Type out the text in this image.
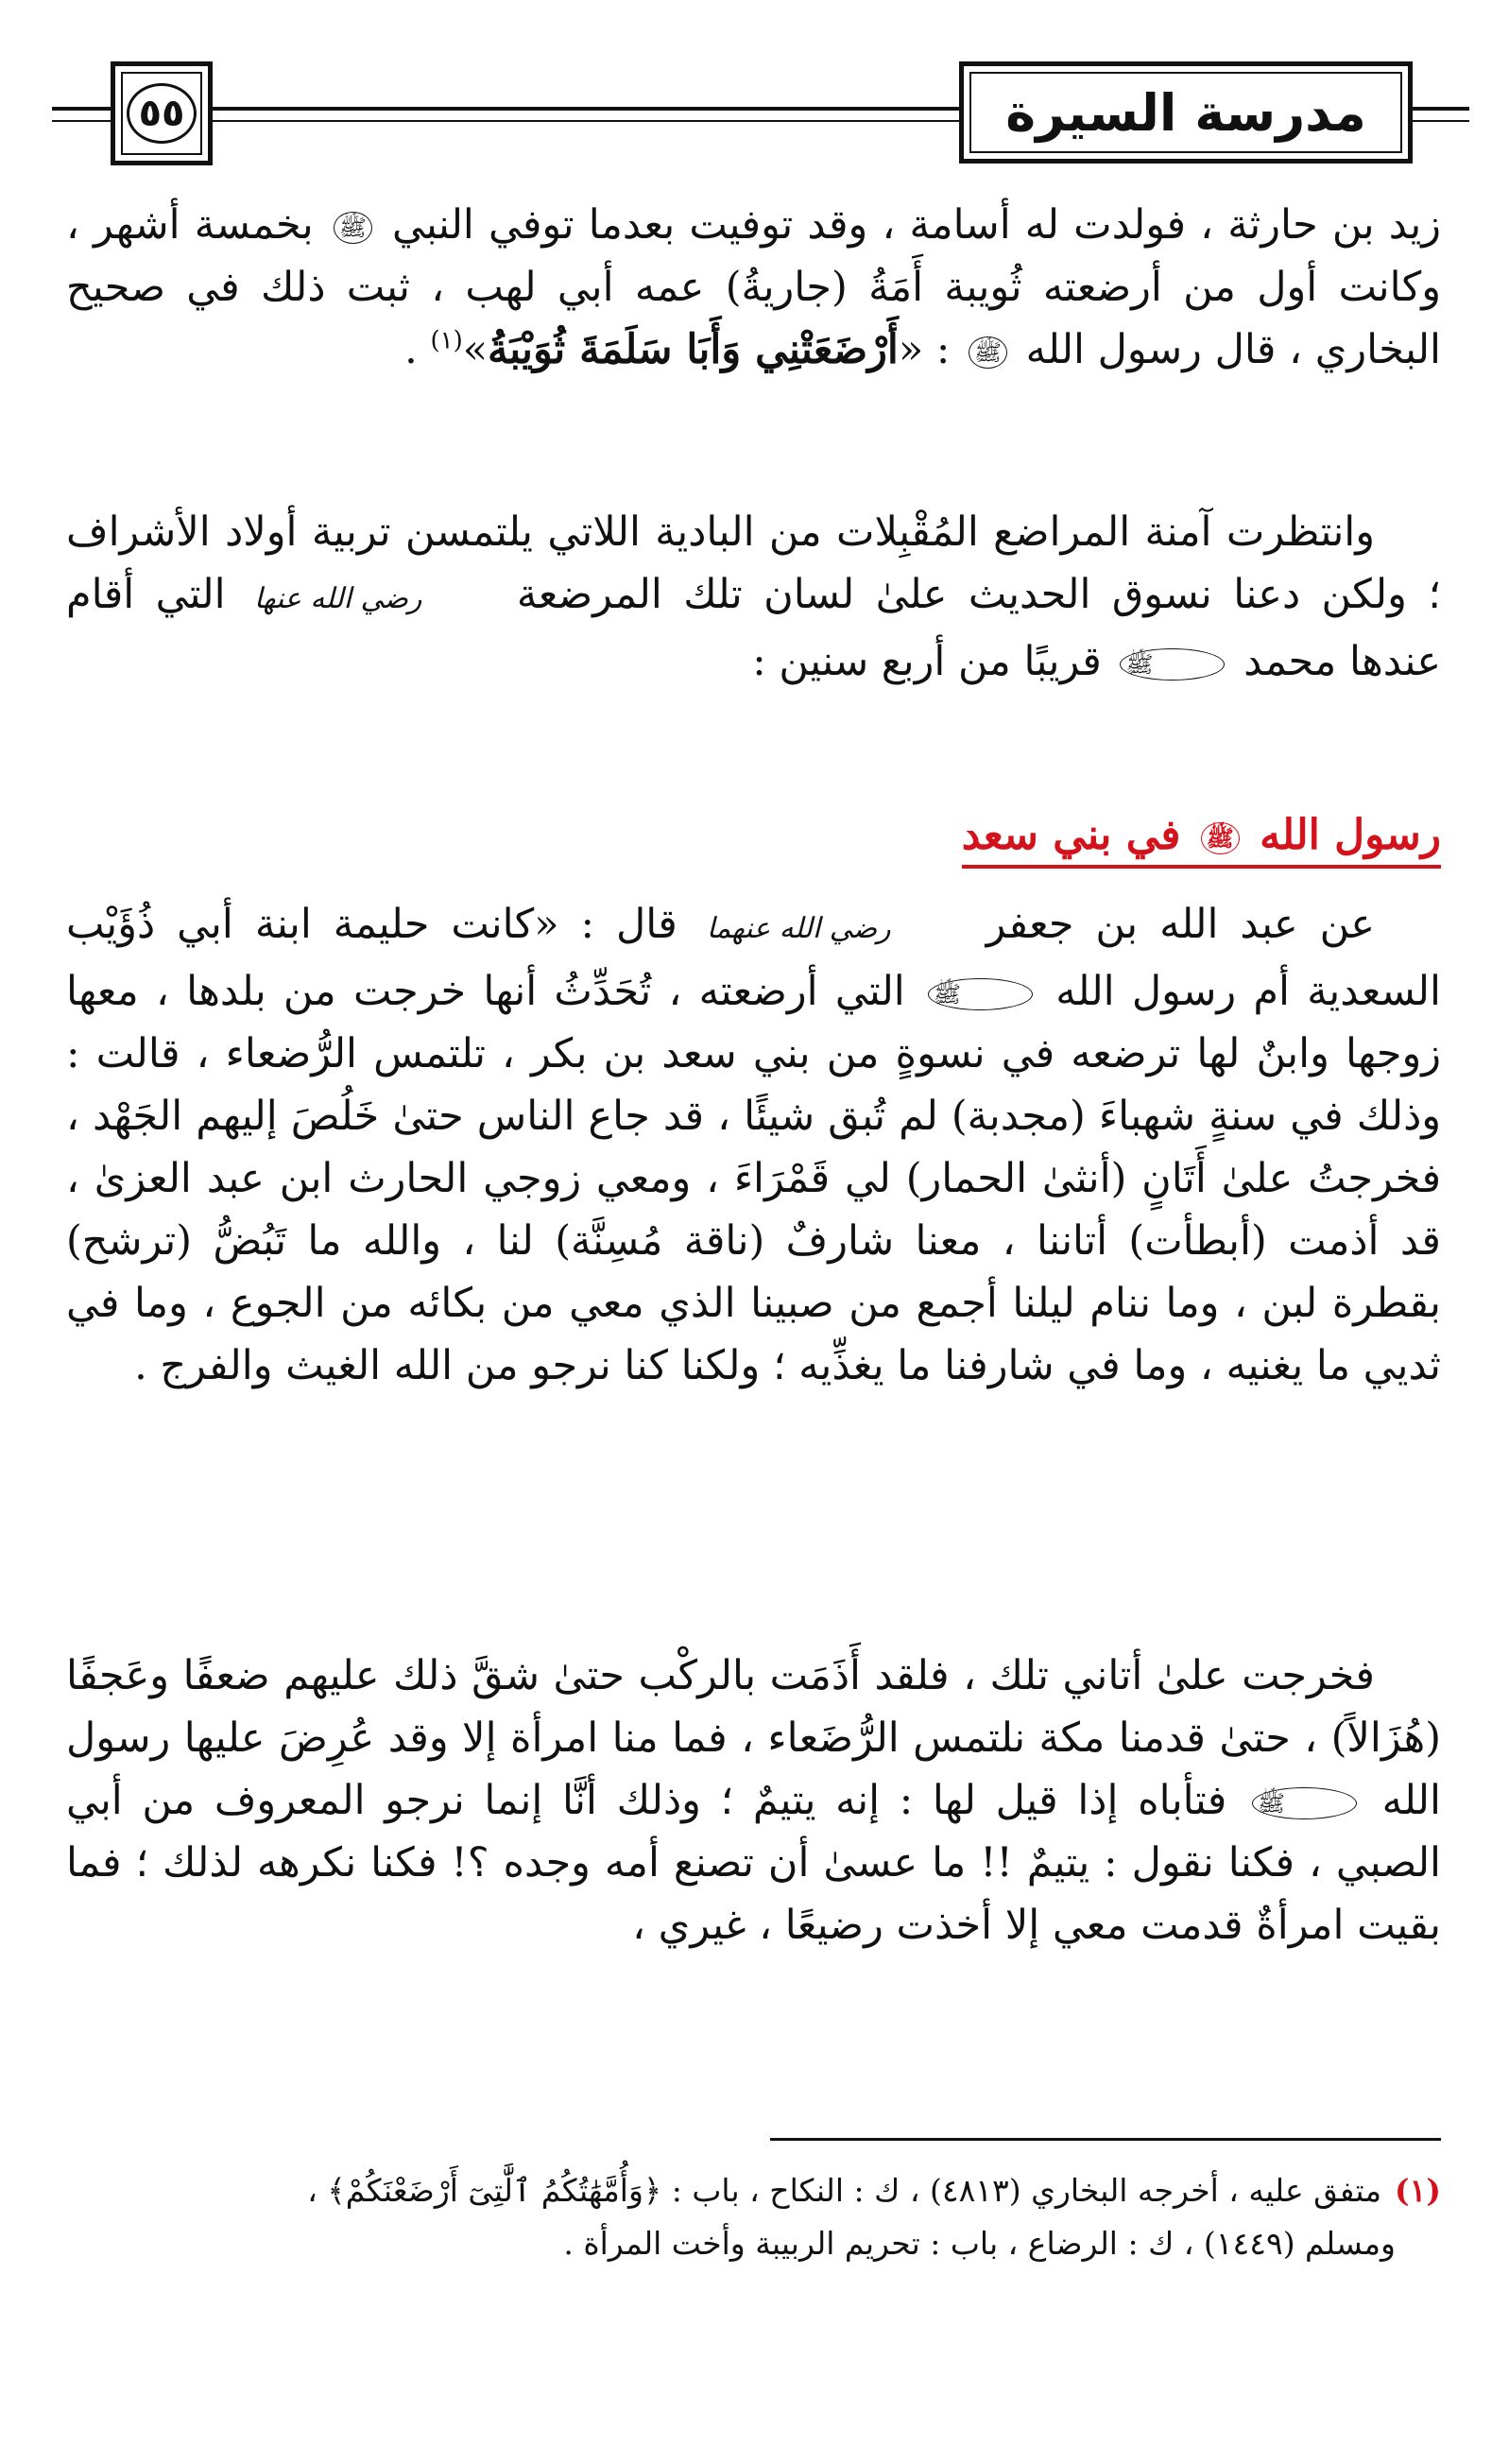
٥٥	مدرسة السيرة
زيد بن حارثة ، فولدت له أسامة ، وقد توفيت بعدما توفي النبي ﷺ بخمسة أشهر ، وكانت أول من أرضعته ثُويبة أَمَةُ (جاريةُ) عمه أبي لهب ، ثبت ذلك في صحيح البخاري ، قال رسول الله ﷺ : «أَرْضَعَتْنِي وَأَبَا سَلَمَةَ ثُوَيْبَةُ»$^{(١)}$ .
وانتظرت آمنة المراضع المُقْبِلات من البادية اللاتي يلتمسن تربية أولاد الأشراف ؛ ولكن دعنا نسوق الحديث علىٰ لسان تلك المرضعة رضي الله عنها التي أقام عندها محمد ﷺ قريبًا من أربع سنين :
رسول الله ﷺ في بني سعد
عن عبد الله بن جعفر رضي الله عنهما قال : «كانت حليمة ابنة أبي ذُؤَيْب السعدية أم رسول الله ﷺ التي أرضعته ، تُحَدِّثُ أنها خرجت من بلدها ، معها زوجها وابنٌ لها ترضعه في نسوةٍ من بني سعد بن بكر ، تلتمس الرُّضعاء ، قالت : وذلك في سنةٍ شهباءَ (مجدبة) لم تُبق شيئًا ، قد جاع الناس حتىٰ خَلُصَ إليهم الجَهْد ، فخرجتُ علىٰ أَتَانٍ (أنثىٰ الحمار) لي قَمْرَاءَ ، ومعي زوجي الحارث ابن عبد العزىٰ ، قد أذمت (أبطأت) أتاننا ، معنا شارفٌ (ناقة مُسِنَّة) لنا ، والله ما تَبُضُّ (ترشح) بقطرة لبن ، وما ننام ليلنا أجمع من صبينا الذي معي من بكائه من الجوع ، وما في ثديي ما يغنيه ، وما في شارفنا ما يغذِّيه ؛ ولكنا كنا نرجو من الله الغيث والفرج .
فخرجت علىٰ أتاني تلك ، فلقد أَذَمَت بالركْب حتىٰ شقَّ ذلك عليهم ضعفًا وعَجفًا (هُزَالاً) ، حتىٰ قدمنا مكة نلتمس الرُّضَعاء ، فما منا امرأة إلا وقد عُرِضَ عليها رسول الله ﷺ فتأباه إذا قيل لها : إنه يتيمٌ ؛ وذلك أنَّا إنما نرجو المعروف من أبي الصبي ، فكنا نقول : يتيمٌ !! ما عسىٰ أن تصنع أمه وجده ؟! فكنا نكرهه لذلك ؛ فما بقيت امرأةٌ قدمت معي إلا أخذت رضيعًا ، غيري ،
(١)متفق عليه ، أخرجه البخاري (٤٨١٣) ، ك : النكاح ، باب : ﴿وَأُمَّهَٰتُكُمُ ٱلَّٰتِىٓ أَرْضَعْنَكُمْ﴾ ،
ومسلم (١٤٤٩) ، ك : الرضاع ، باب : تحريم الربيبة وأخت المرأة .
